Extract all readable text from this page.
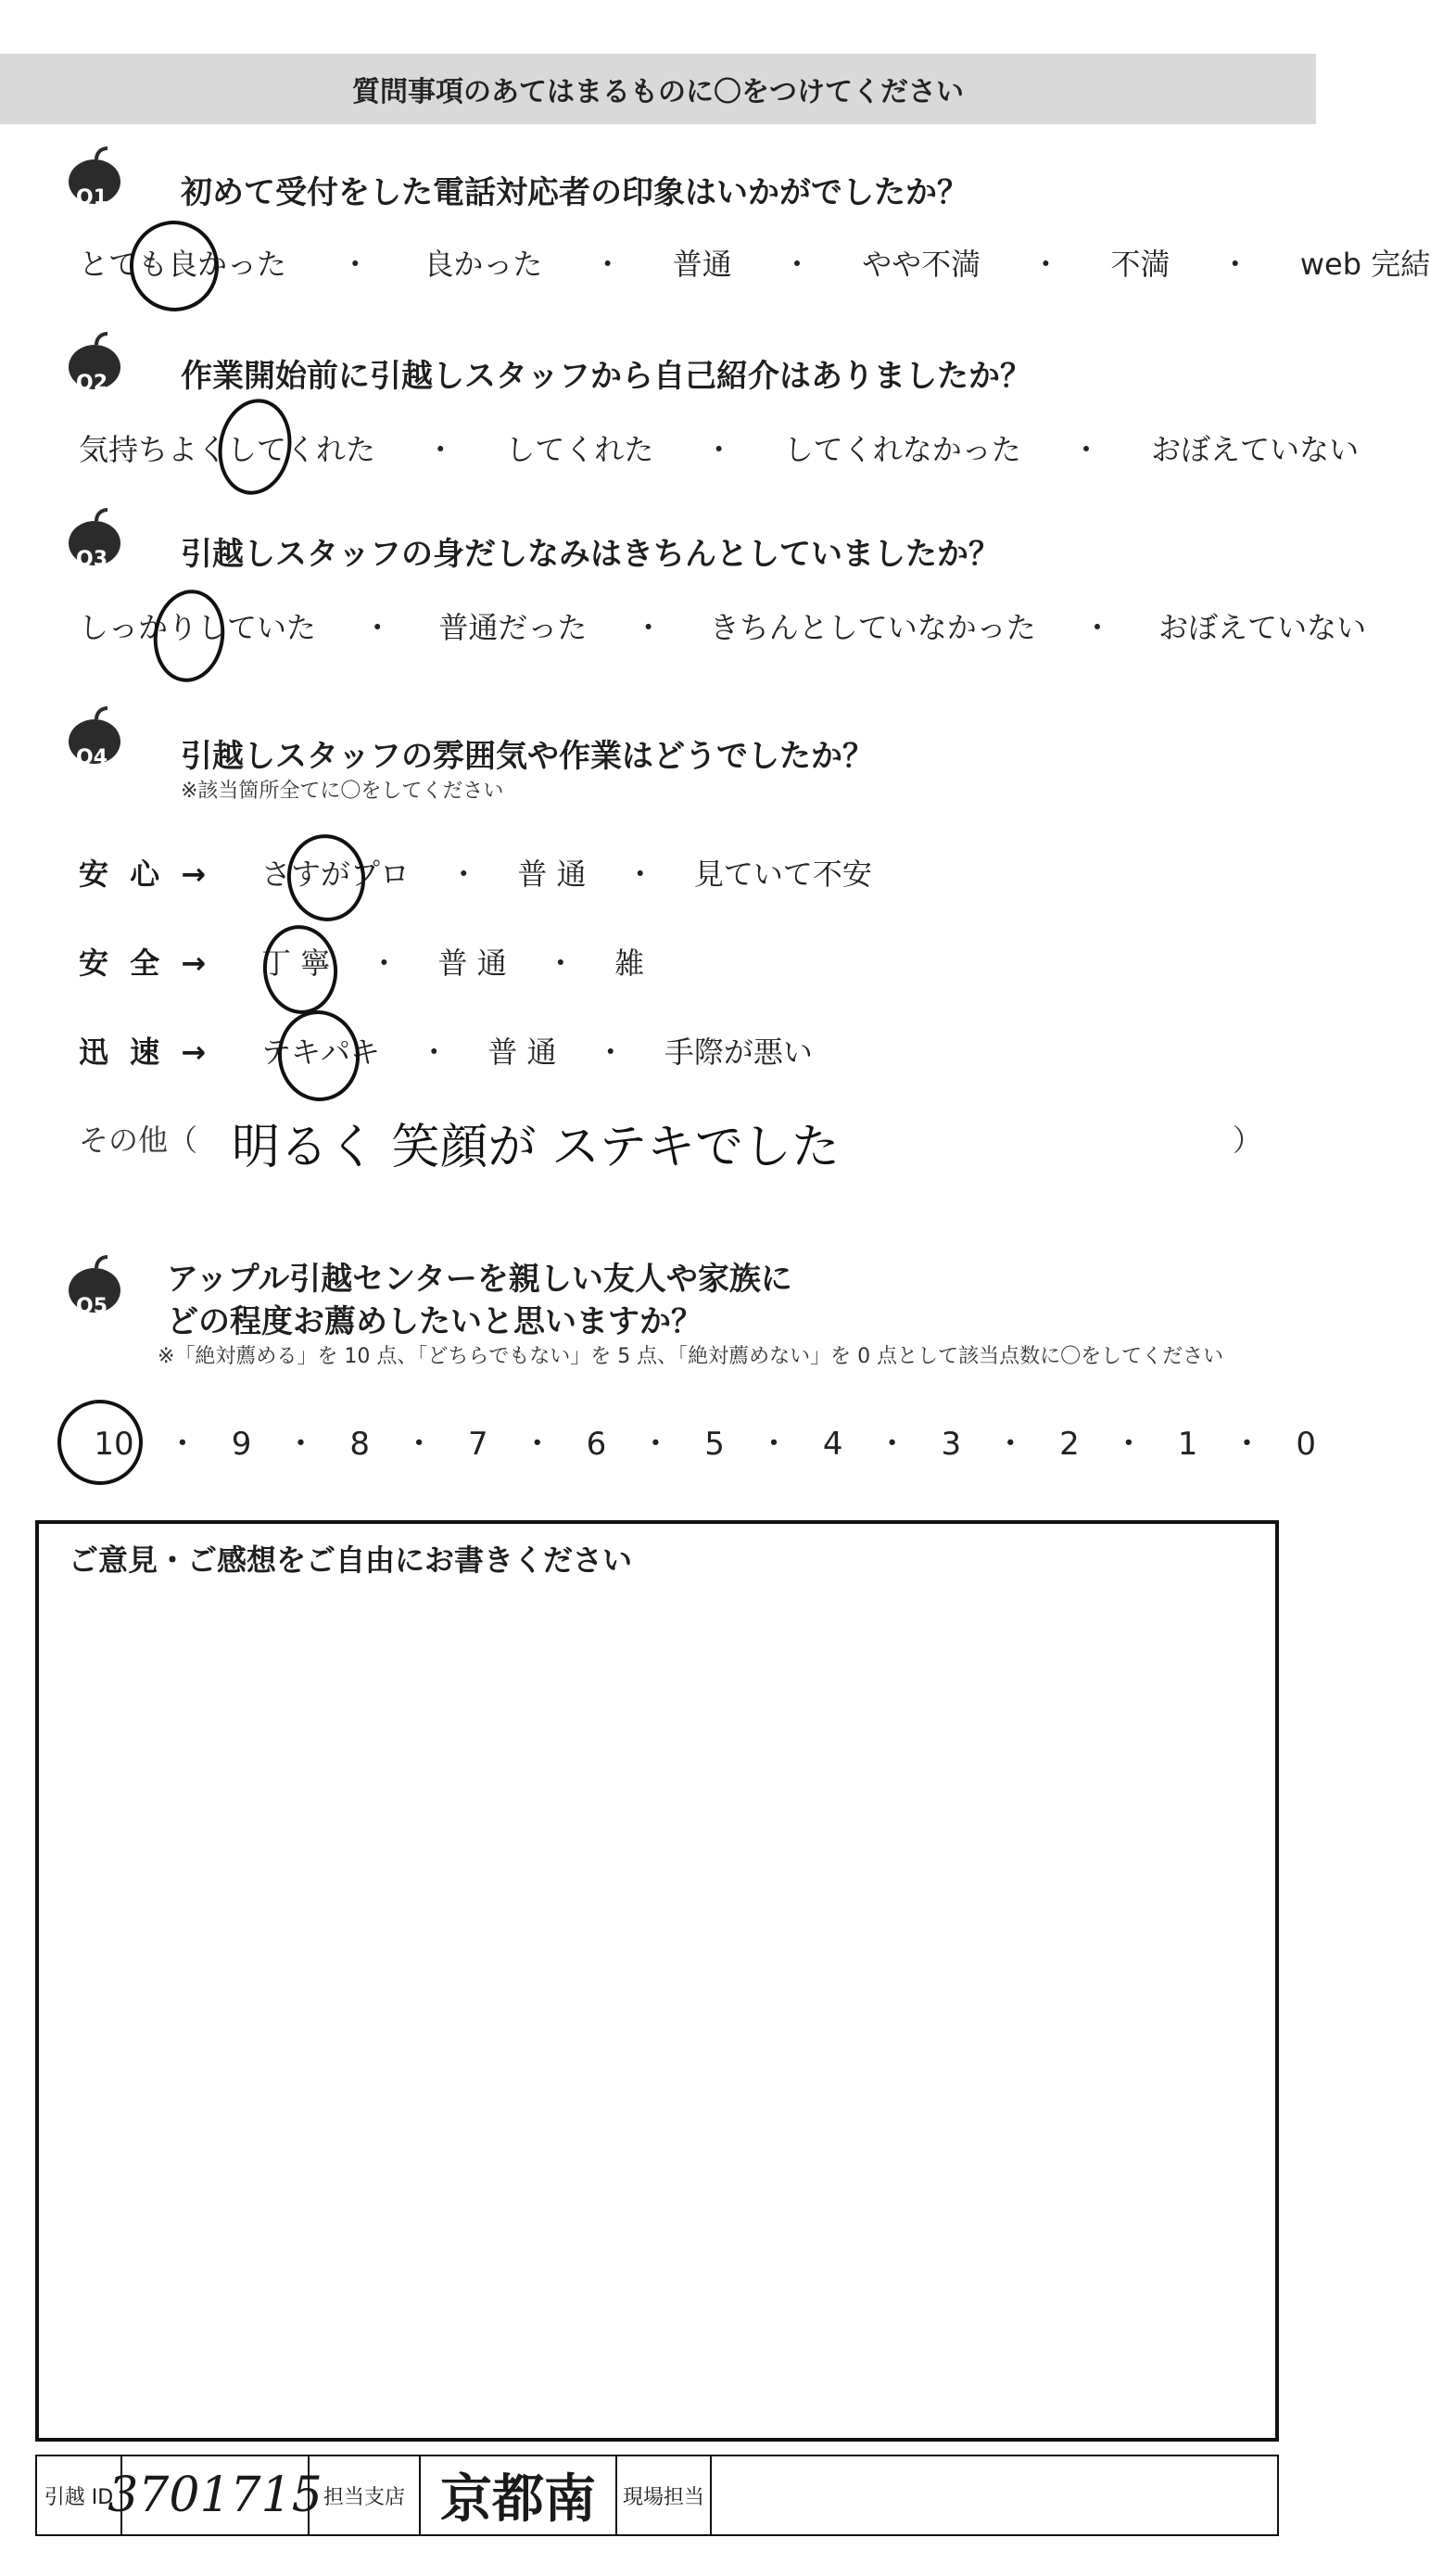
質問事項のあてはまるものに〇をつけてください
Q1 初めて受付をした電話対応者の印象はいかがでしたか？
とても良かった ・ 良かった ・ 普通 ・ やや不満 ・ 不満 ・ web 完結
Q2 作業開始前に引越しスタッフから自己紹介はありましたか？
気持ちよくしてくれた ・ してくれた ・ してくれなかった ・ おぼえていない
Q3 引越しスタッフの身だしなみはきちんとしていましたか？
しっかりしていた ・ 普通だった ・ きちんとしていなかった ・ おぼえていない
Q4 引越しスタッフの雰囲気や作業はどうでしたか？
※該当箇所全てに〇をしてください
安 心 → さすがプロ ・ 普 通 ・ 見ていて不安
安 全 → 丁 寧 ・ 普 通 ・ 雑
迅 速 → テキパキ ・ 普 通 ・ 手際が悪い
その他（ 明るく 笑顔が ステキでした	）
Q5
アップル引越センターを親しい友人や家族に
どの程度お薦めしたいと思いますか？
※「絶対薦める」を 10 点、「どちらでもない」を 5 点、「絶対薦めない」を 0 点として該当点数に〇をしてください
10 ・ 9 ・ 8 ・ 7 ・ 6 ・ 5 ・ 4 ・ 3 ・ 2 ・ 1 ・ 0
ご意見・ご感想をご自由にお書きください
引越 ID
3701715 担当支店 京都南	現場担当
